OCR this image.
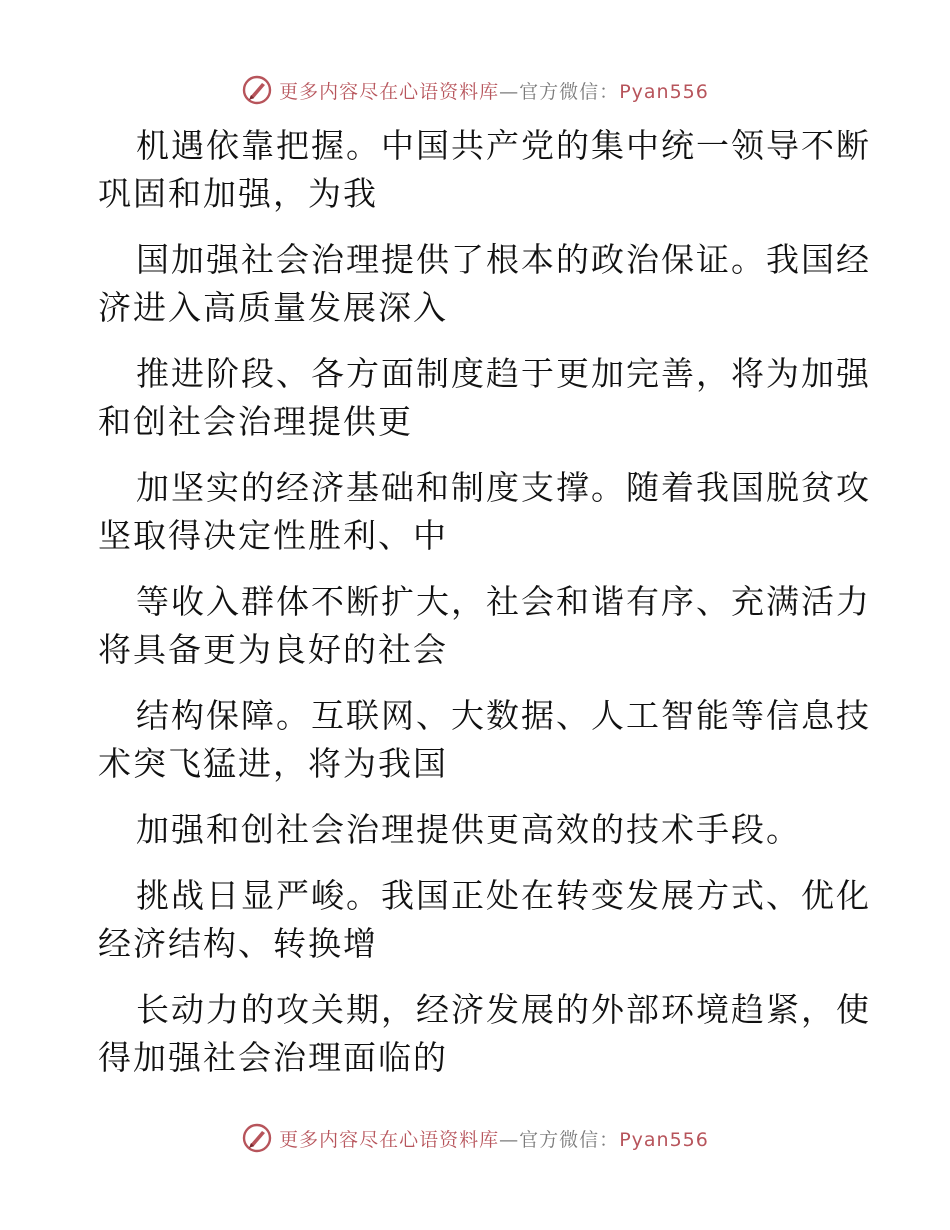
更多内容尽在心语资料库—官方微信：Pyan556

机遇依靠把握。中国共产党的集中统一领导不断

巩固和加强，为我

国加强社会治理提供了根本的政治保证。我国经

济进入高质量发展深入

推进阶段、各方面制度趋于更加完善，将为加强

和创社会治理提供更

加坚实的经济基础和制度支撑。随着我国脱贫攻

坚取得决定性胜利、中

等收入群体不断扩大，社会和谐有序、充满活力

将具备更为良好的社会

结构保障。互联网、大数据、人工智能等信息技

术突飞猛进，将为我国

加强和创社会治理提供更高效的技术手段。

挑战日显严峻。我国正处在转变发展方式、优化

经济结构、转换增

长动力的攻关期，经济发展的外部环境趋紧，使

得加强社会治理面临的

更多内容尽在心语资料库—官方微信：Pyan556
